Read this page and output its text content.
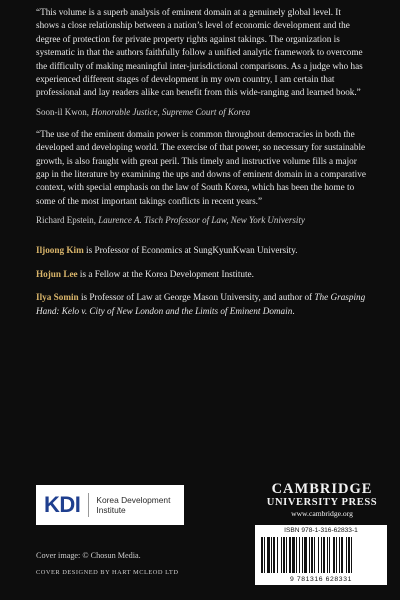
“This volume is a superb analysis of eminent domain at a genuinely global level. It shows a close relationship between a nation’s level of economic development and the degree of protection for private property rights against takings. The organization is systematic in that the authors faithfully follow a unified analytic framework to overcome the difficulty of making meaningful inter-jurisdictional comparisons. As a judge who has experienced different stages of development in my own country, I am certain that professional and lay readers alike can benefit from this wide-ranging and learned book.”

Soon-il Kwon, Honorable Justice, Supreme Court of Korea

“The use of the eminent domain power is common throughout democracies in both the developed and developing world. The exercise of that power, so necessary for sustainable growth, is also fraught with great peril. This timely and instructive volume fills a major gap in the literature by examining the ups and downs of eminent domain in a comparative context, with special emphasis on the law of South Korea, which has been the home to some of the most important takings conflicts in recent years.”

Richard Epstein, Laurence A. Tisch Professor of Law, New York University

Iljoong Kim is Professor of Economics at SungKyunKwan University.

Hojun Lee is a Fellow at the Korea Development Institute.

Ilya Somin is Professor of Law at George Mason University, and author of The Grasping Hand: Kelo v. City of New London and the Limits of Eminent Domain.

KDI	Korea Development
Institute
CAMBRIDGE
UNIVERSITY PRESS
www.cambridge.org
ISBN 978-1-316-62833-1
9 781316 628331
Cover image: © Chosun Media.
COVER DESIGNED BY HART MCLEOD LTD
